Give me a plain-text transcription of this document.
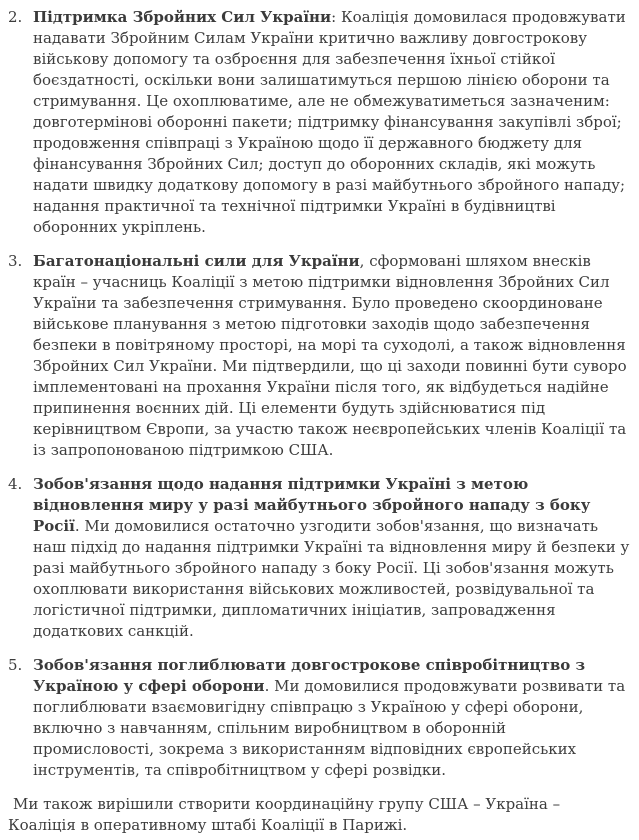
2. Підтримка Збройних Сил України: Коаліція домовилася продовжувати надавати Збройним Силам України критично важливу довгострокову військову допомогу та озброєння для забезпечення їхньої стійкої боєздатності, оскільки вони залишатимуться першою лінією оборони та стримування. Це охоплюватиме, але не обмежуватиметься зазначеним: довготермінові оборонні пакети; підтримку фінансування закупівлі зброї; продовження співпраці з Україною щодо її державного бюджету для фінансування Збройних Сил; доступ до оборонних складів, які можуть надати швидку додаткову допомогу в разі майбутнього збройного нападу; надання практичної та технічної підтримки Україні в будівництві оборонних укріплень.
3. Багатонаціональні сили для України, сформовані шляхом внесків країн – учасниць Коаліції з метою підтримки відновлення Збройних Сил України та забезпечення стримування. Було проведено скоординоване військове планування з метою підготовки заходів щодо забезпечення безпеки в повітряному просторі, на морі та суходолі, а також відновлення Збройних Сил України. Ми підтвердили, що ці заходи повинні бути суворо імплементовані на прохання України після того, як відбудеться надійне припинення воєнних дій. Ці елементи будуть здійснюватися під керівництвом Європи, за участю також неєвропейських членів Коаліції та із запропонованою підтримкою США.
4. Зобов'язання щодо надання підтримки Україні з метою відновлення миру у разі майбутнього збройного нападу з боку Росії. Ми домовилися остаточно узгодити зобов'язання, що визначать наш підхід до надання підтримки Україні та відновлення миру й безпеки у разі майбутнього збройного нападу з боку Росії. Ці зобов'язання можуть охоплювати використання військових можливостей, розвідувальної та логістичної підтримки, дипломатичних ініціатив, запровадження додаткових санкцій.
5. Зобов'язання поглиблювати довгострокове співробітництво з Україною у сфері оборони. Ми домовилися продовжувати розвивати та поглиблювати взаємовигідну співпрацю з Україною у сфері оборони, включно з навчанням, спільним виробництвом в оборонній промисловості, зокрема з використанням відповідних європейських інструментів, та співробітництвом у сфері розвідки.

Ми також вирішили створити координаційну групу США – Україна – Коаліція в оперативному штабі Коаліції в Парижі.
